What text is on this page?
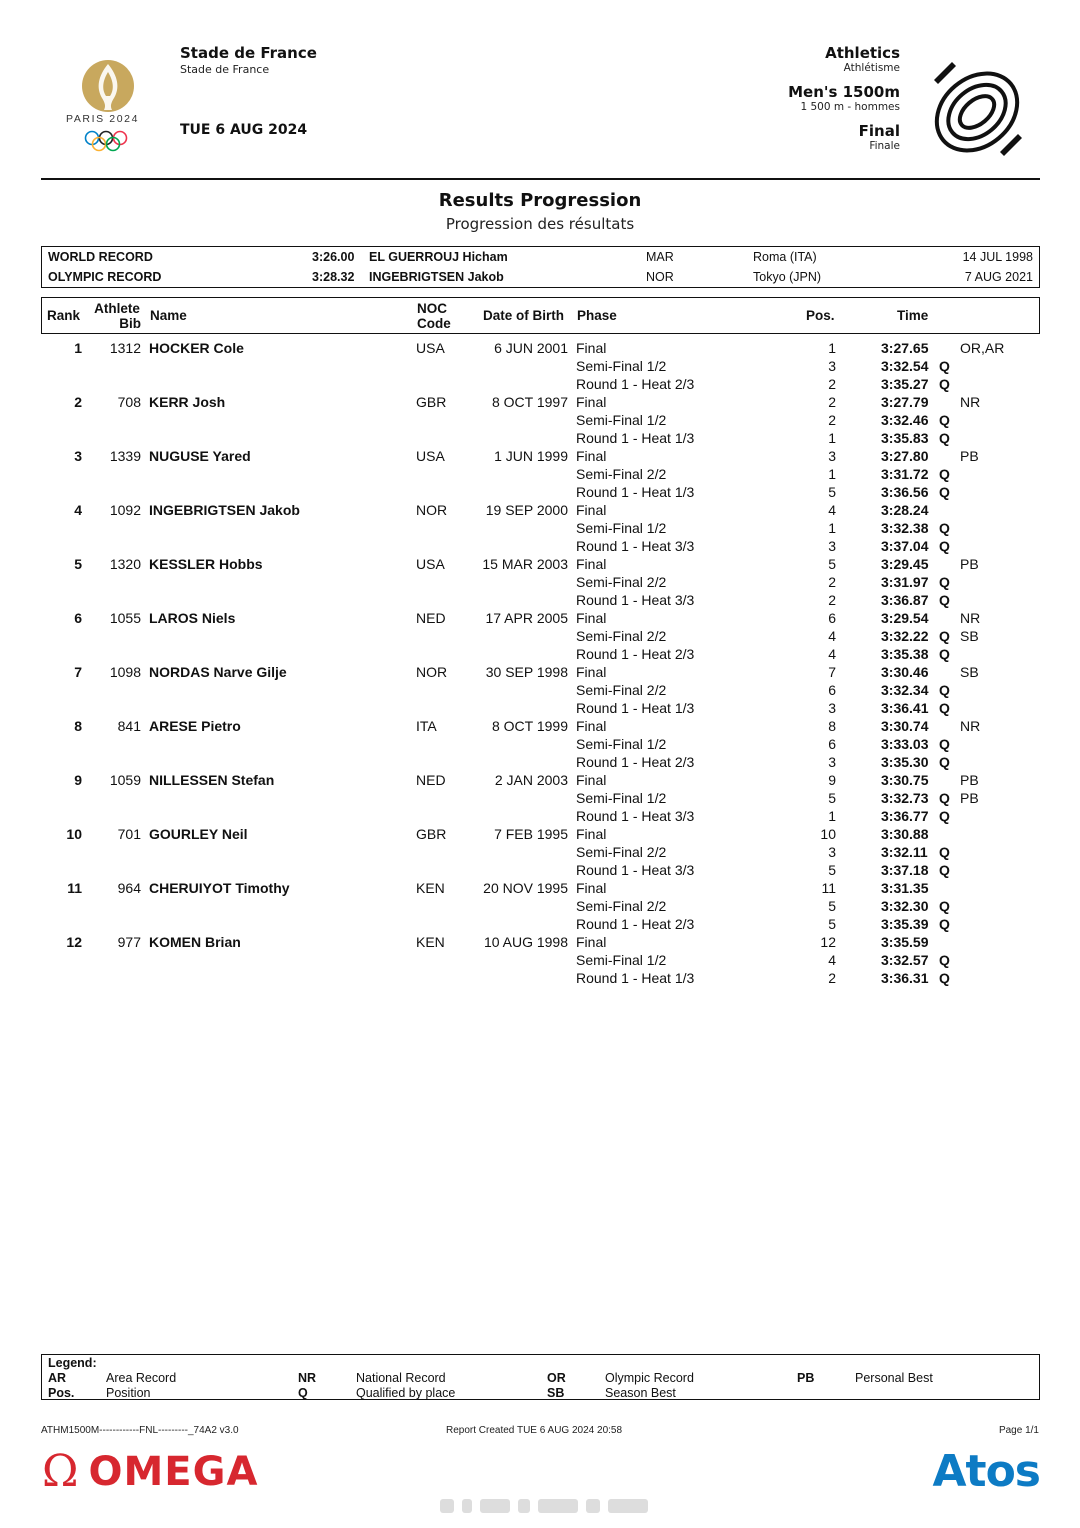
PARIS 2024
Stade de France
Stade de France
TUE 6 AUG 2024
Athletics
Athlétisme
Men's 1500m
1 500 m - hommes
Final
Finale
Results Progression
Progression des résultats
WORLD RECORD	3:26.00 EL GUERROUJ Hicham	MAR	Roma (ITA)	14 JUL 1998
OLYMPIC RECORD	3:28.32 INGEBRIGTSEN Jakob	NOR	Tokyo (JPN)	7 AUG 2021
Rank Athlete
Bib
Name	NOC
Code
Date of Birth Phase	Pos.	Time
1 1312 HOCKER Cole	USA	6 JUN 2001 Final	1	3:27.65 OR,AR
Semi-Final 1/2	3	3:32.54 Q
Round 1 - Heat 2/3	2	3:35.27 Q
2	708 KERR Josh	GBR	8 OCT 1997 Final	2	3:27.79 NR
Semi-Final 1/2	2	3:32.46 Q
Round 1 - Heat 1/3	1	3:35.83 Q
3 1339 NUGUSE Yared	USA	1 JUN 1999 Final	3	3:27.80 PB
Semi-Final 2/2	1	3:31.72 Q
Round 1 - Heat 1/3	5	3:36.56 Q
4 1092 INGEBRIGTSEN Jakob	NOR	19 SEP 2000 Final	4	3:28.24
Semi-Final 1/2	1	3:32.38 Q
Round 1 - Heat 3/3	3	3:37.04 Q
5 1320 KESSLER Hobbs	USA	15 MAR 2003 Final	5	3:29.45 PB
Semi-Final 2/2	2	3:31.97 Q
Round 1 - Heat 3/3	2	3:36.87 Q
6 1055 LAROS Niels	NED	17 APR 2005 Final	6	3:29.54 NR
Semi-Final 2/2	4	3:32.22 Q SB
Round 1 - Heat 2/3	4	3:35.38 Q
7 1098 NORDAS Narve Gilje	NOR	30 SEP 1998 Final	7	3:30.46 SB
Semi-Final 2/2	6	3:32.34 Q
Round 1 - Heat 1/3	3	3:36.41 Q
8	841 ARESE Pietro	ITA	8 OCT 1999 Final	8	3:30.74 NR
Semi-Final 1/2	6	3:33.03 Q
Round 1 - Heat 2/3	3	3:35.30 Q
9 1059 NILLESSEN Stefan	NED	2 JAN 2003 Final	9	3:30.75 PB
Semi-Final 1/2	5	3:32.73 Q PB
Round 1 - Heat 3/3	1	3:36.77 Q
10	701 GOURLEY Neil	GBR	7 FEB 1995 Final	10	3:30.88
Semi-Final 2/2	3	3:32.11 Q
Round 1 - Heat 3/3	5	3:37.18 Q
11	964 CHERUIYOT Timothy	KEN	20 NOV 1995 Final	11	3:31.35
Semi-Final 2/2	5	3:32.30 Q
Round 1 - Heat 2/3	5	3:35.39 Q
12	977 KOMEN Brian	KEN	10 AUG 1998 Final	12	3:35.59
Semi-Final 1/2	4	3:32.57 Q
Round 1 - Heat 1/3	2	3:36.31 Q
Legend:
AR	Area Record	NR	National Record	OR	Olympic Record	PB	Personal Best
Pos.	Position	Q	Qualified by place	SB	Season Best
ATHM1500M------------FNL---------_74A2 v3.0	Report Created TUE 6 AUG 2024 20:58	Page 1/1
Ω OMEGA	Atos
